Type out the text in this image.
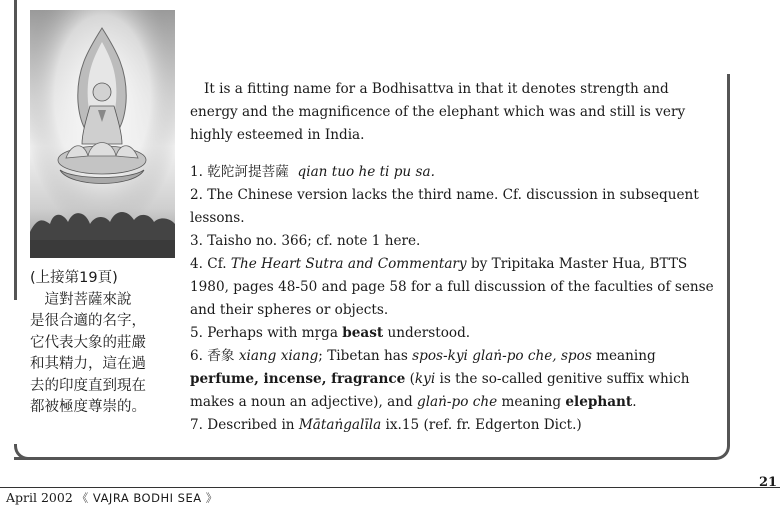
(上接第19頁)
　這對菩薩來說
是很合適的名字，
它代表大象的莊嚴
和其精力，這在過
去的印度直到現在
都被極度尊崇的。

It is a fitting name for a Bodhisattva in that it denotes strength and energy and the magnificence of the elephant which was and still is very highly esteemed in India.

1. 乾陀訶提菩薩 qian tuo he ti pu sa.

2. The Chinese version lacks the third name. Cf. discussion in subsequent lessons.

3. Taisho no. 366; cf. note 1 here.

4. Cf. The Heart Sutra and Commentary by Tripitaka Master Hua, BTTS 1980, pages 48-50 and page 58 for a full discussion of the faculties of sense and their spheres or objects.

5. Perhaps with mṛga beast understood.

6. 香象 xiang xiang; Tibetan has spos-kyi glaṅ-po che, spos meaning perfume, incense, fragrance (kyi is the so-called genitive suffix which makes a noun an adjective), and glaṅ-po che meaning elephant.

7. Described in Mātaṅgalīla ix.15 (ref. fr. Edgerton Dict.)

April 2002 《 VAJRA BODHI SEA 》
21
